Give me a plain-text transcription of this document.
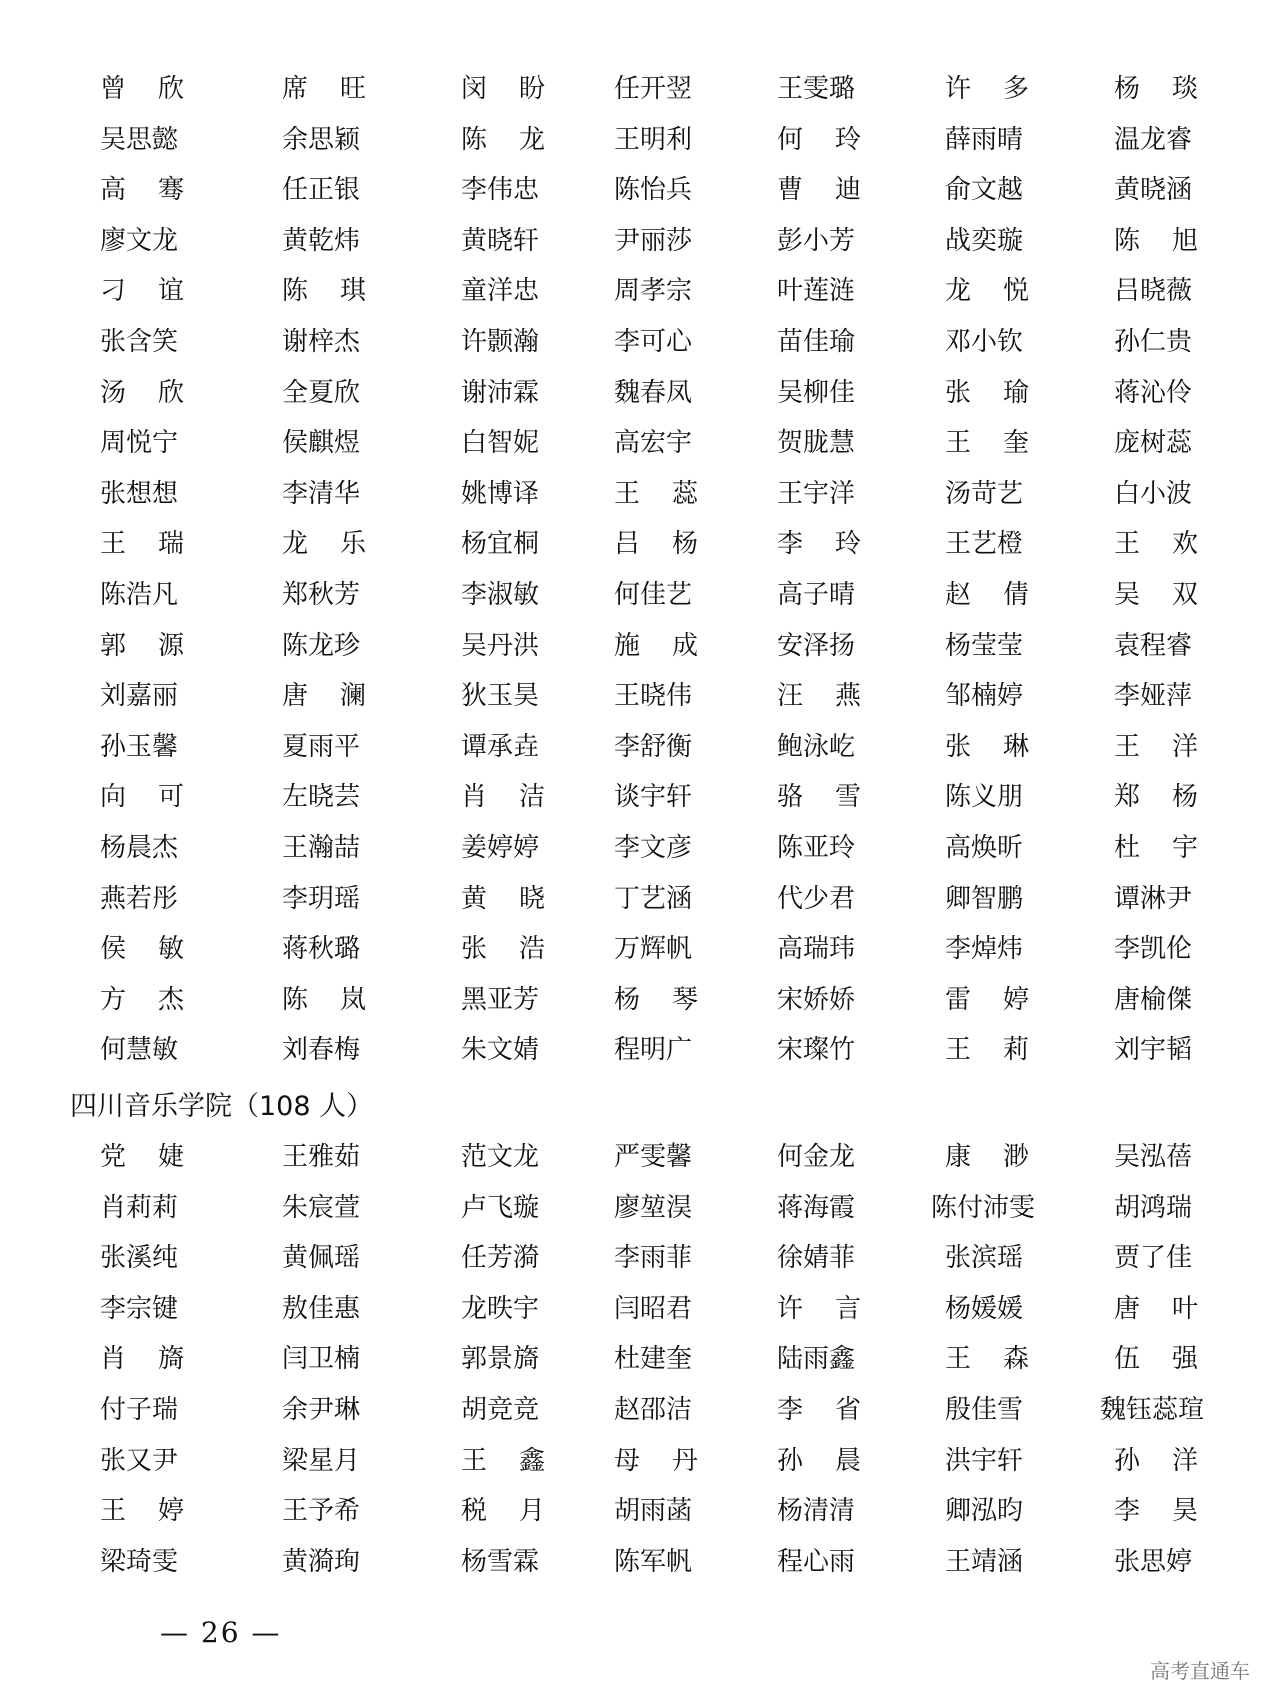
曾 欣	席 旺	闵 盼	任开翌	王雯璐	许 多	杨 琰
吴思懿	余思颖	陈 龙	王明利	何 玲	薛雨晴	温龙睿
高 骞	任正银	李伟忠	陈怡兵	曹 迪	俞文越	黄晓涵
廖文龙	黄乾炜	黄晓轩	尹丽莎	彭小芳	战奕璇	陈 旭
刁 谊	陈 琪	童洋忠	周孝宗	叶莲涟	龙 悦	吕晓薇
张含笑	谢梓杰	许颢瀚	李可心	苗佳瑜	邓小钦	孙仁贵
汤 欣	全夏欣	谢沛霖	魏春凤	吴柳佳	张 瑜	蒋沁伶
周悦宁	侯麒煜	白智妮	高宏宇	贺胧慧	王 奎	庞树蕊
张想想	李清华	姚博译	王 蕊	王宇洋	汤苛艺	白小波
王 瑞	龙 乐	杨宜桐	吕 杨	李 玲	王艺橙	王 欢
陈浩凡	郑秋芳	李淑敏	何佳艺	高子晴	赵 倩	吴 双
郭 源	陈龙珍	吴丹洪	施 成	安泽扬	杨莹莹	袁程睿
刘嘉丽	唐 澜	狄玉昊	王晓伟	汪 燕	邹楠婷	李娅萍
孙玉馨	夏雨平	谭承垚	李舒衡	鲍泳屹	张 琳	王 洋
向 可	左晓芸	肖 洁	谈宇轩	骆 雪	陈义朋	郑 杨
杨晨杰	王瀚喆	姜婷婷	李文彦	陈亚玲	高焕昕	杜 宇
燕若彤	李玥瑶	黄 晓	丁艺涵	代少君	卿智鹏	谭淋尹
侯 敏	蒋秋璐	张 浩	万辉帆	高瑞玮	李焯炜	李凯伦
方 杰	陈 岚	黑亚芳	杨 琴	宋娇娇	雷 婷	唐榆傑
何慧敏	刘春梅	朱文婧	程明广	宋璨竹	王 莉	刘宇韬
四川音乐学院（108 人）
党 婕	王雅茹	范文龙	严雯馨	何金龙	康 渺	吴泓蓓
肖莉莉	朱宸萱	卢飞璇	廖堃淏	蒋海霞	陈付沛雯	胡鸿瑞
张溪纯	黄佩瑶	任芳漪	李雨菲	徐婧菲	张滨瑶	贾了佳
李宗键	敖佳惠	龙昳宇	闫昭君	许 言	杨媛媛	唐 叶
肖 旖	闫卫楠	郭景旖	杜建奎	陆雨鑫	王 森	伍 强
付子瑞	余尹琳	胡竞竞	赵邵洁	李 省	殷佳雪	魏钰蕊瑄
张又尹	梁星月	王 鑫	母 丹	孙 晨	洪宇轩	孙 洋
王 婷	王予希	税 月	胡雨菡	杨清清	卿泓昀	李 昊
梁琦雯	黄漪珣	杨雪霖	陈军帆	程心雨	王靖涵	张思婷
— 26 —
高考直通车
